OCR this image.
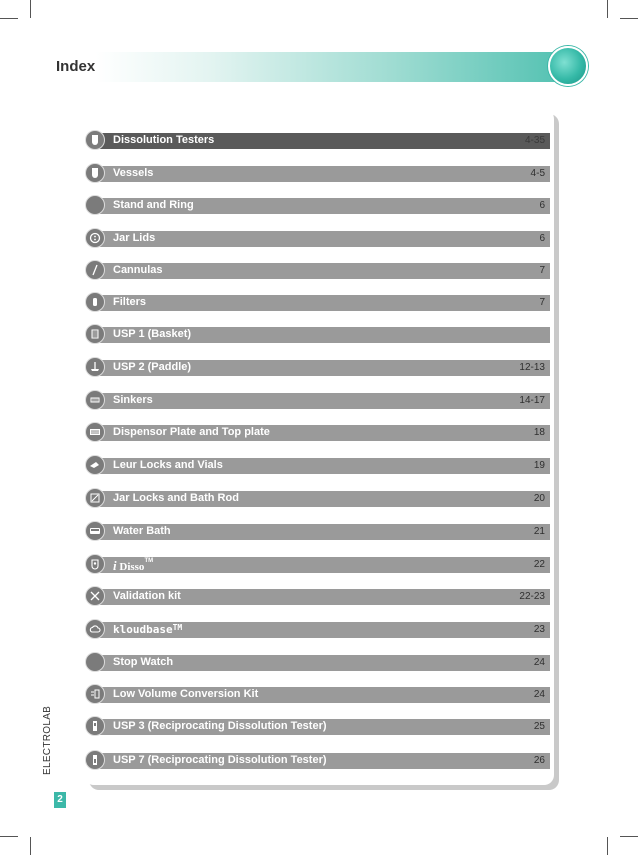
Index
Dissolution Testers	4-35
Vessels	4-5
Stand and Ring	6
Jar Lids	6
Cannulas	7
Filters	7
USP 1 (Basket)
USP 2 (Paddle)	12-13
Sinkers	14-17
Dispensor Plate and Top plate	18
Leur Locks and Vials	19
Jar Locks and Bath Rod	20
Water Bath	21
i Disso™	22
Validation kit	22-23
kloudbase™	23
Stop Watch	24
Low Volume Conversion Kit	24
USP 3 (Reciprocating Dissolution Tester)	25
USP 7 (Reciprocating Dissolution Tester)	26
ELECTROLAB
2
